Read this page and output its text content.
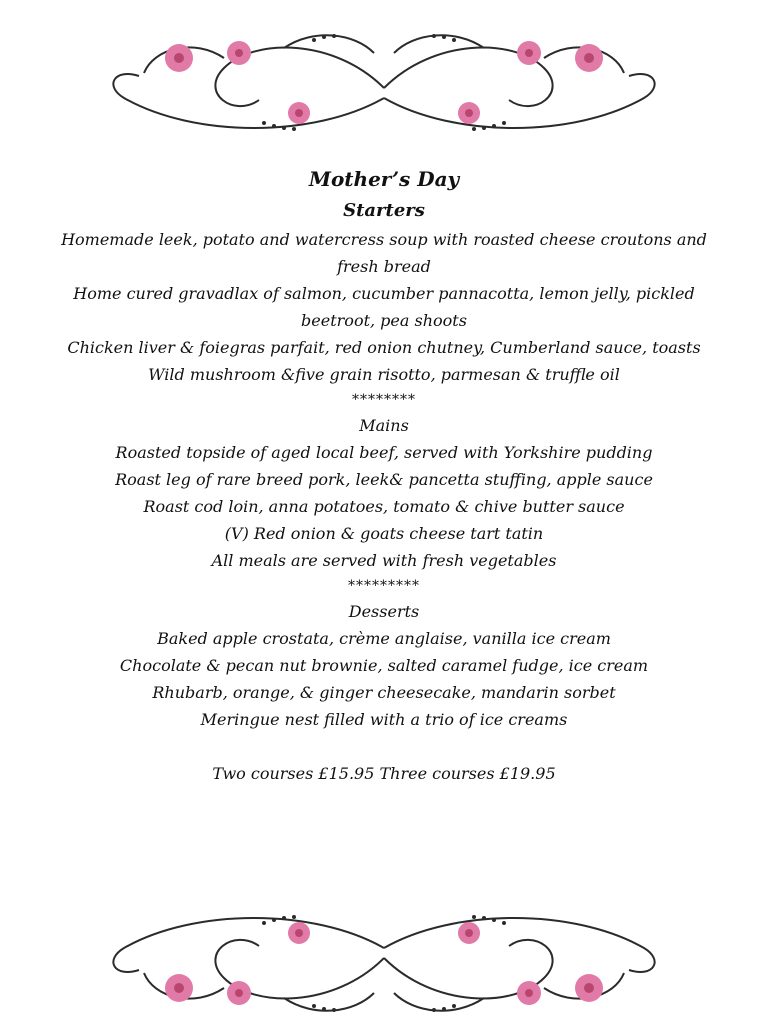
Mother’s Day

Starters

Homemade leek, potato and watercress soup with roasted cheese croutons and fresh bread

Home cured gravadlax of salmon, cucumber pannacotta, lemon jelly, pickled beetroot, pea shoots

Chicken liver & foiegras parfait, red onion chutney, Cumberland sauce, toasts

Wild mushroom &five grain risotto, parmesan & truffle oil

********

Mains

Roasted topside of aged local beef, served with Yorkshire pudding

Roast leg of rare breed pork, leek& pancetta stuffing, apple sauce

Roast cod loin, anna potatoes, tomato & chive butter sauce

(V) Red onion & goats cheese tart tatin

All meals are served with fresh vegetables

*********

Desserts

Baked apple crostata, crème anglaise, vanilla ice cream

Chocolate & pecan nut brownie, salted caramel fudge, ice cream

Rhubarb, orange, & ginger cheesecake, mandarin sorbet

Meringue nest filled with a trio of ice creams

Two courses £15.95 Three courses £19.95
